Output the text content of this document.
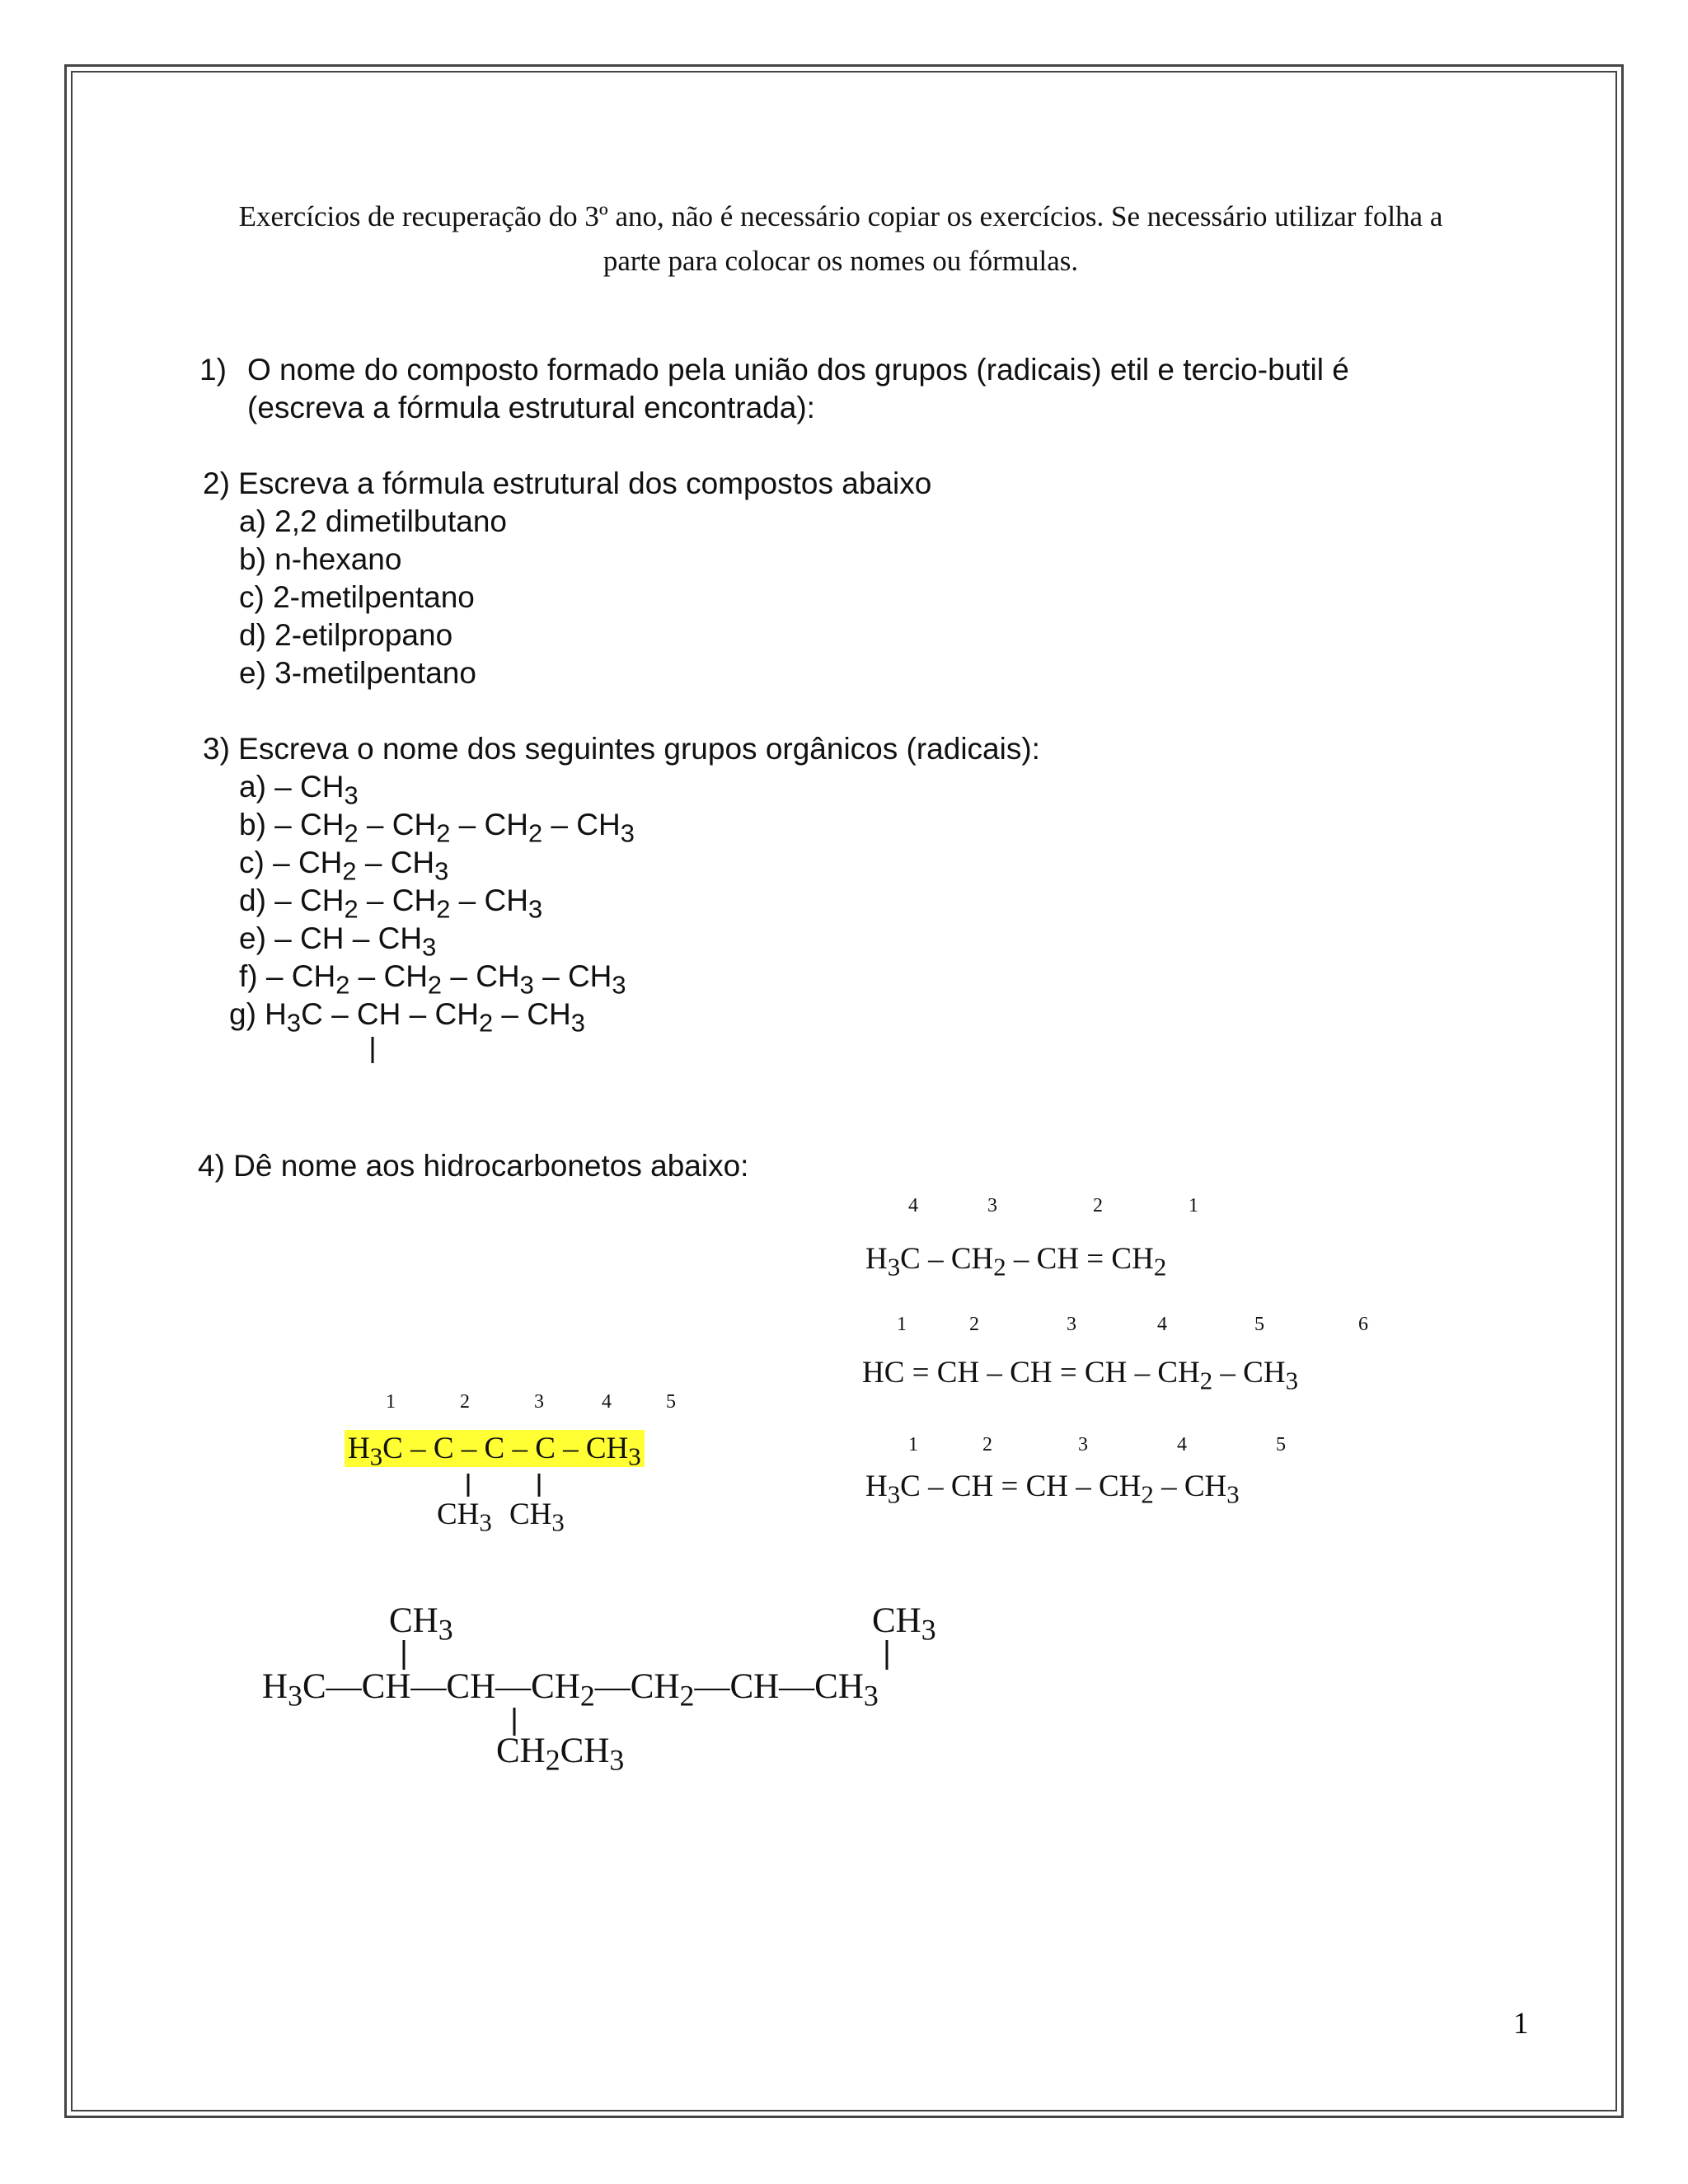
Exercícios de recuperação do 3º ano, não é necessário copiar os exercícios. Se necessário utilizar folha a
parte para colocar os nomes ou fórmulas.
1) O nome do composto formado pela união dos grupos (radicais) etil e tercio-butil é
(escreva a fórmula estrutural encontrada):
2) Escreva a fórmula estrutural dos compostos abaixo
a) 2,2 dimetilbutano
b) n-hexano
c) 2-metilpentano
d) 2-etilpropano
e) 3-metilpentano
3) Escreva o nome dos seguintes grupos orgânicos (radicais):
$a) - CH_3$
$b) - CH_2 - CH_2 - CH_2 - CH_3$
$c) - CH_2 - CH_3$
$d) - CH_2 - CH_2 - CH_3$
e) – CH – $CH_3$
$f) - CH_2 - CH_2 - CH_3 - CH_3$
g) $H_3C$ – CH – $CH_2 - CH_3$
4) Dê nome aos hidrocarbonetos abaixo:
4	3	2	1
$H_3C - CH_2$ – CH = $CH_2$
1	2	3	4	5	6
HC = CH – CH = CH – $CH_2 - CH_3$
1	2	3	4	5
$H_3C$ – CH = CH – $CH_2 - CH_3$
1	2	3	4	5
$H_3C$ – C – C – C – $CH_3$
$CH_3$ $CH_3$
$CH_3$	$CH_3$
$H_3C—CH—CH—CH_2—CH_2—CH—CH_3$
$CH_2CH_3$
1
